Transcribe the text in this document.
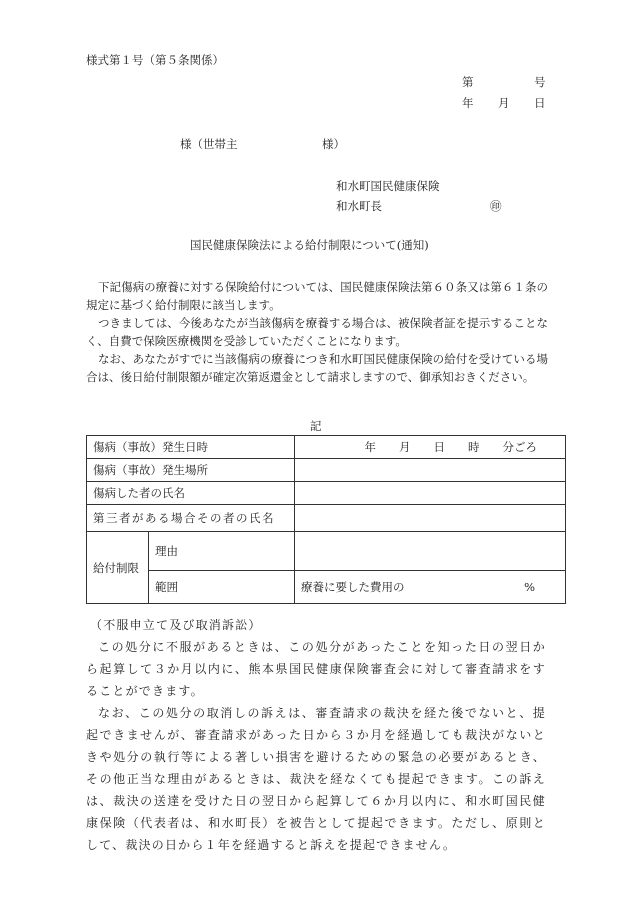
様式第１号（第５条関係）
第	号
年 月 日
様（世帯主	様）
和水町国民健康保険
和水町長	㊞
国民健康保険法による給付制限について(通知)
下記傷病の療養に対する保険給付については、国民健康保険法第６０条又は第６１条の規定に基づく給付制限に該当します。
つきましては、今後あなたが当該傷病を療養する場合は、被保険者証を提示することなく、自費で保険医療機関を受診していただくことになります。
なお、あなたがすでに当該傷病の療養につき和水町国民健康保険の給付を受けている場合は、後日給付制限額が確定次第返還金として請求しますので、御承知おきください。
記
傷病（事故）発生日時		年　　月　　日　　時　　分ごろ
傷病（事故）発生場所		
傷病した者の氏名		
第三者がある場合その者の氏名		
給付制限	理由	
	範囲	療養に要した費用の %
（不服申立て及び取消訴訟）
この処分に不服があるときは、この処分があったことを知った日の翌日から起算して３か月以内に、熊本県国民健康保険審査会に対して審査請求をすることができます。
なお、この処分の取消しの訴えは、審査請求の裁決を経た後でないと、提起できませんが、審査請求があった日から３か月を経過しても裁決がないときや処分の執行等による著しい損害を避けるための緊急の必要があるとき、その他正当な理由があるときは、裁決を経なくても提起できます。この訴えは、裁決の送達を受けた日の翌日から起算して６か月以内に、和水町国民健康保険（代表者は、和水町長）を被告として提起できます。ただし、原則として、裁決の日から１年を経過すると訴えを提起できません。
